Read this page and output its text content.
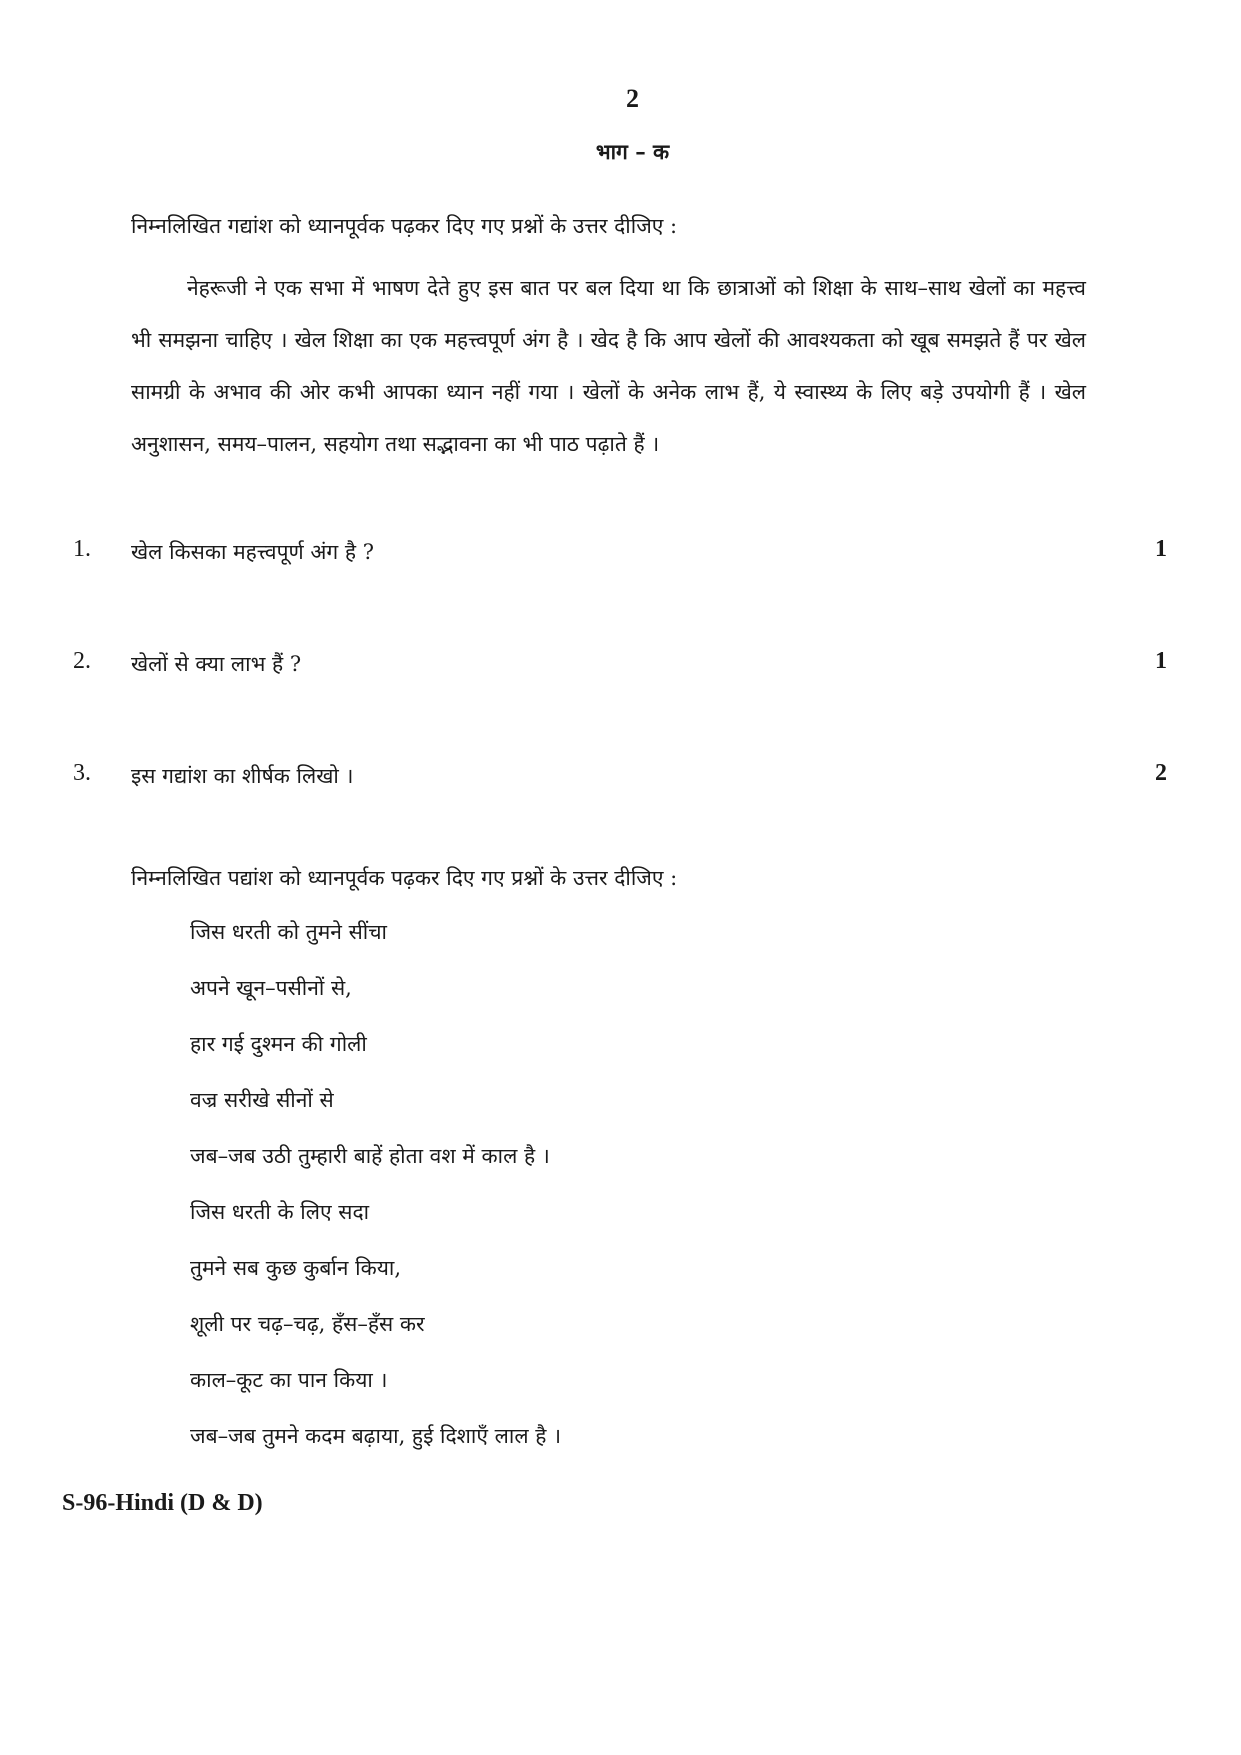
2
भाग – क
निम्नलिखित गद्यांश को ध्यानपूर्वक पढ़कर दिए गए प्रश्नों के उत्तर दीजिए :
नेहरूजी ने एक सभा में भाषण देते हुए इस बात पर बल दिया था कि छात्राओं को शिक्षा के साथ–साथ खेलों का महत्त्व भी समझना चाहिए । खेल शिक्षा का एक महत्त्वपूर्ण अंग है । खेद है कि आप खेलों की आवश्यकता को खूब समझते हैं पर खेल सामग्री के अभाव की ओर कभी आपका ध्यान नहीं गया । खेलों के अनेक लाभ हैं, ये स्वास्थ्य के लिए बड़े उपयोगी हैं । खेल अनुशासन, समय–पालन, सहयोग तथा सद्भावना का भी पाठ पढ़ाते हैं ।
1. खेल किसका महत्त्वपूर्ण अंग है ?	1
2. खेलों से क्या लाभ हैं ?	1
3. इस गद्यांश का शीर्षक लिखो ।	2
निम्नलिखित पद्यांश को ध्यानपूर्वक पढ़कर दिए गए प्रश्नों के उत्तर दीजिए :
जिस धरती को तुमने सींचा
अपने खून–पसीनों से,
हार गई दुश्मन की गोली
वज्र सरीखे सीनों से
जब–जब उठी तुम्हारी बाहें होता वश में काल है ।
जिस धरती के लिए सदा
तुमने सब कुछ कुर्बान किया,
शूली पर चढ़–चढ़, हँस–हँस कर
काल–कूट का पान किया ।
जब–जब तुमने कदम बढ़ाया, हुई दिशाएँ लाल है ।
S-96-Hindi (D & D)
